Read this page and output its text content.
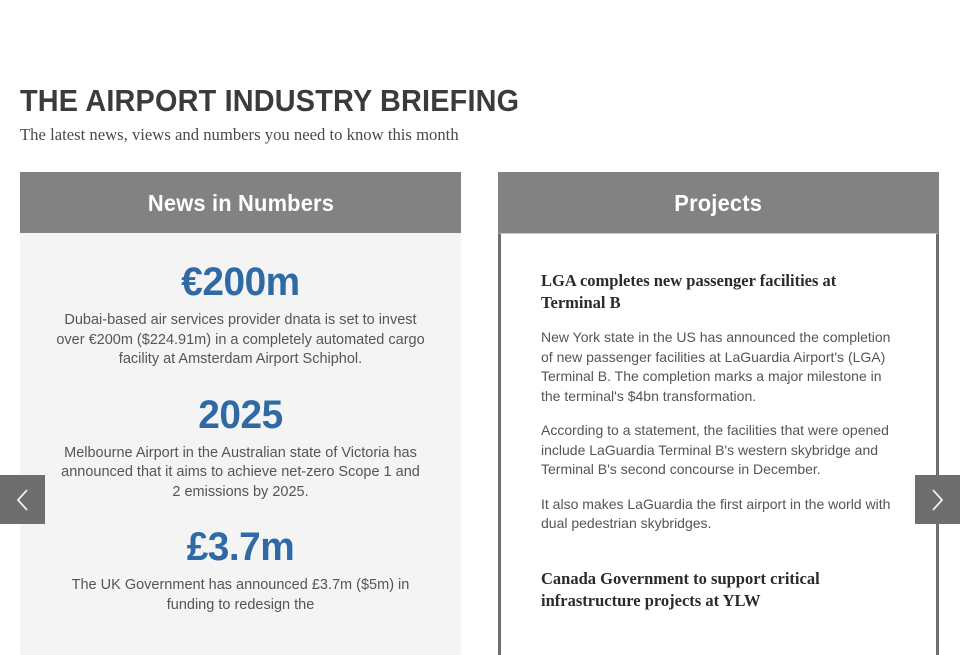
THE AIRPORT INDUSTRY BRIEFING

The latest news, views and numbers you need to know this month

News in Numbers
€200m

Dubai-based air services provider dnata is set to invest over €200m ($224.91m) in a completely automated cargo facility at Amsterdam Airport Schiphol.

2025

Melbourne Airport in the Australian state of Victoria has announced that it aims to achieve net-zero Scope 1 and 2 emissions by 2025.

£3.7m

The UK Government has announced £3.7m ($5m) in funding to redesign the

Projects
LGA completes new passenger facilities at Terminal B

New York state in the US has announced the completion of new passenger facilities at LaGuardia Airport's (LGA) Terminal B. The completion marks a major milestone in the terminal's $4bn transformation.

According to a statement, the facilities that were opened include LaGuardia Terminal B's western skybridge and Terminal B's second concourse in December.

It also makes LaGuardia the first airport in the world with dual pedestrian skybridges.

Canada Government to support critical infrastructure projects at YLW
